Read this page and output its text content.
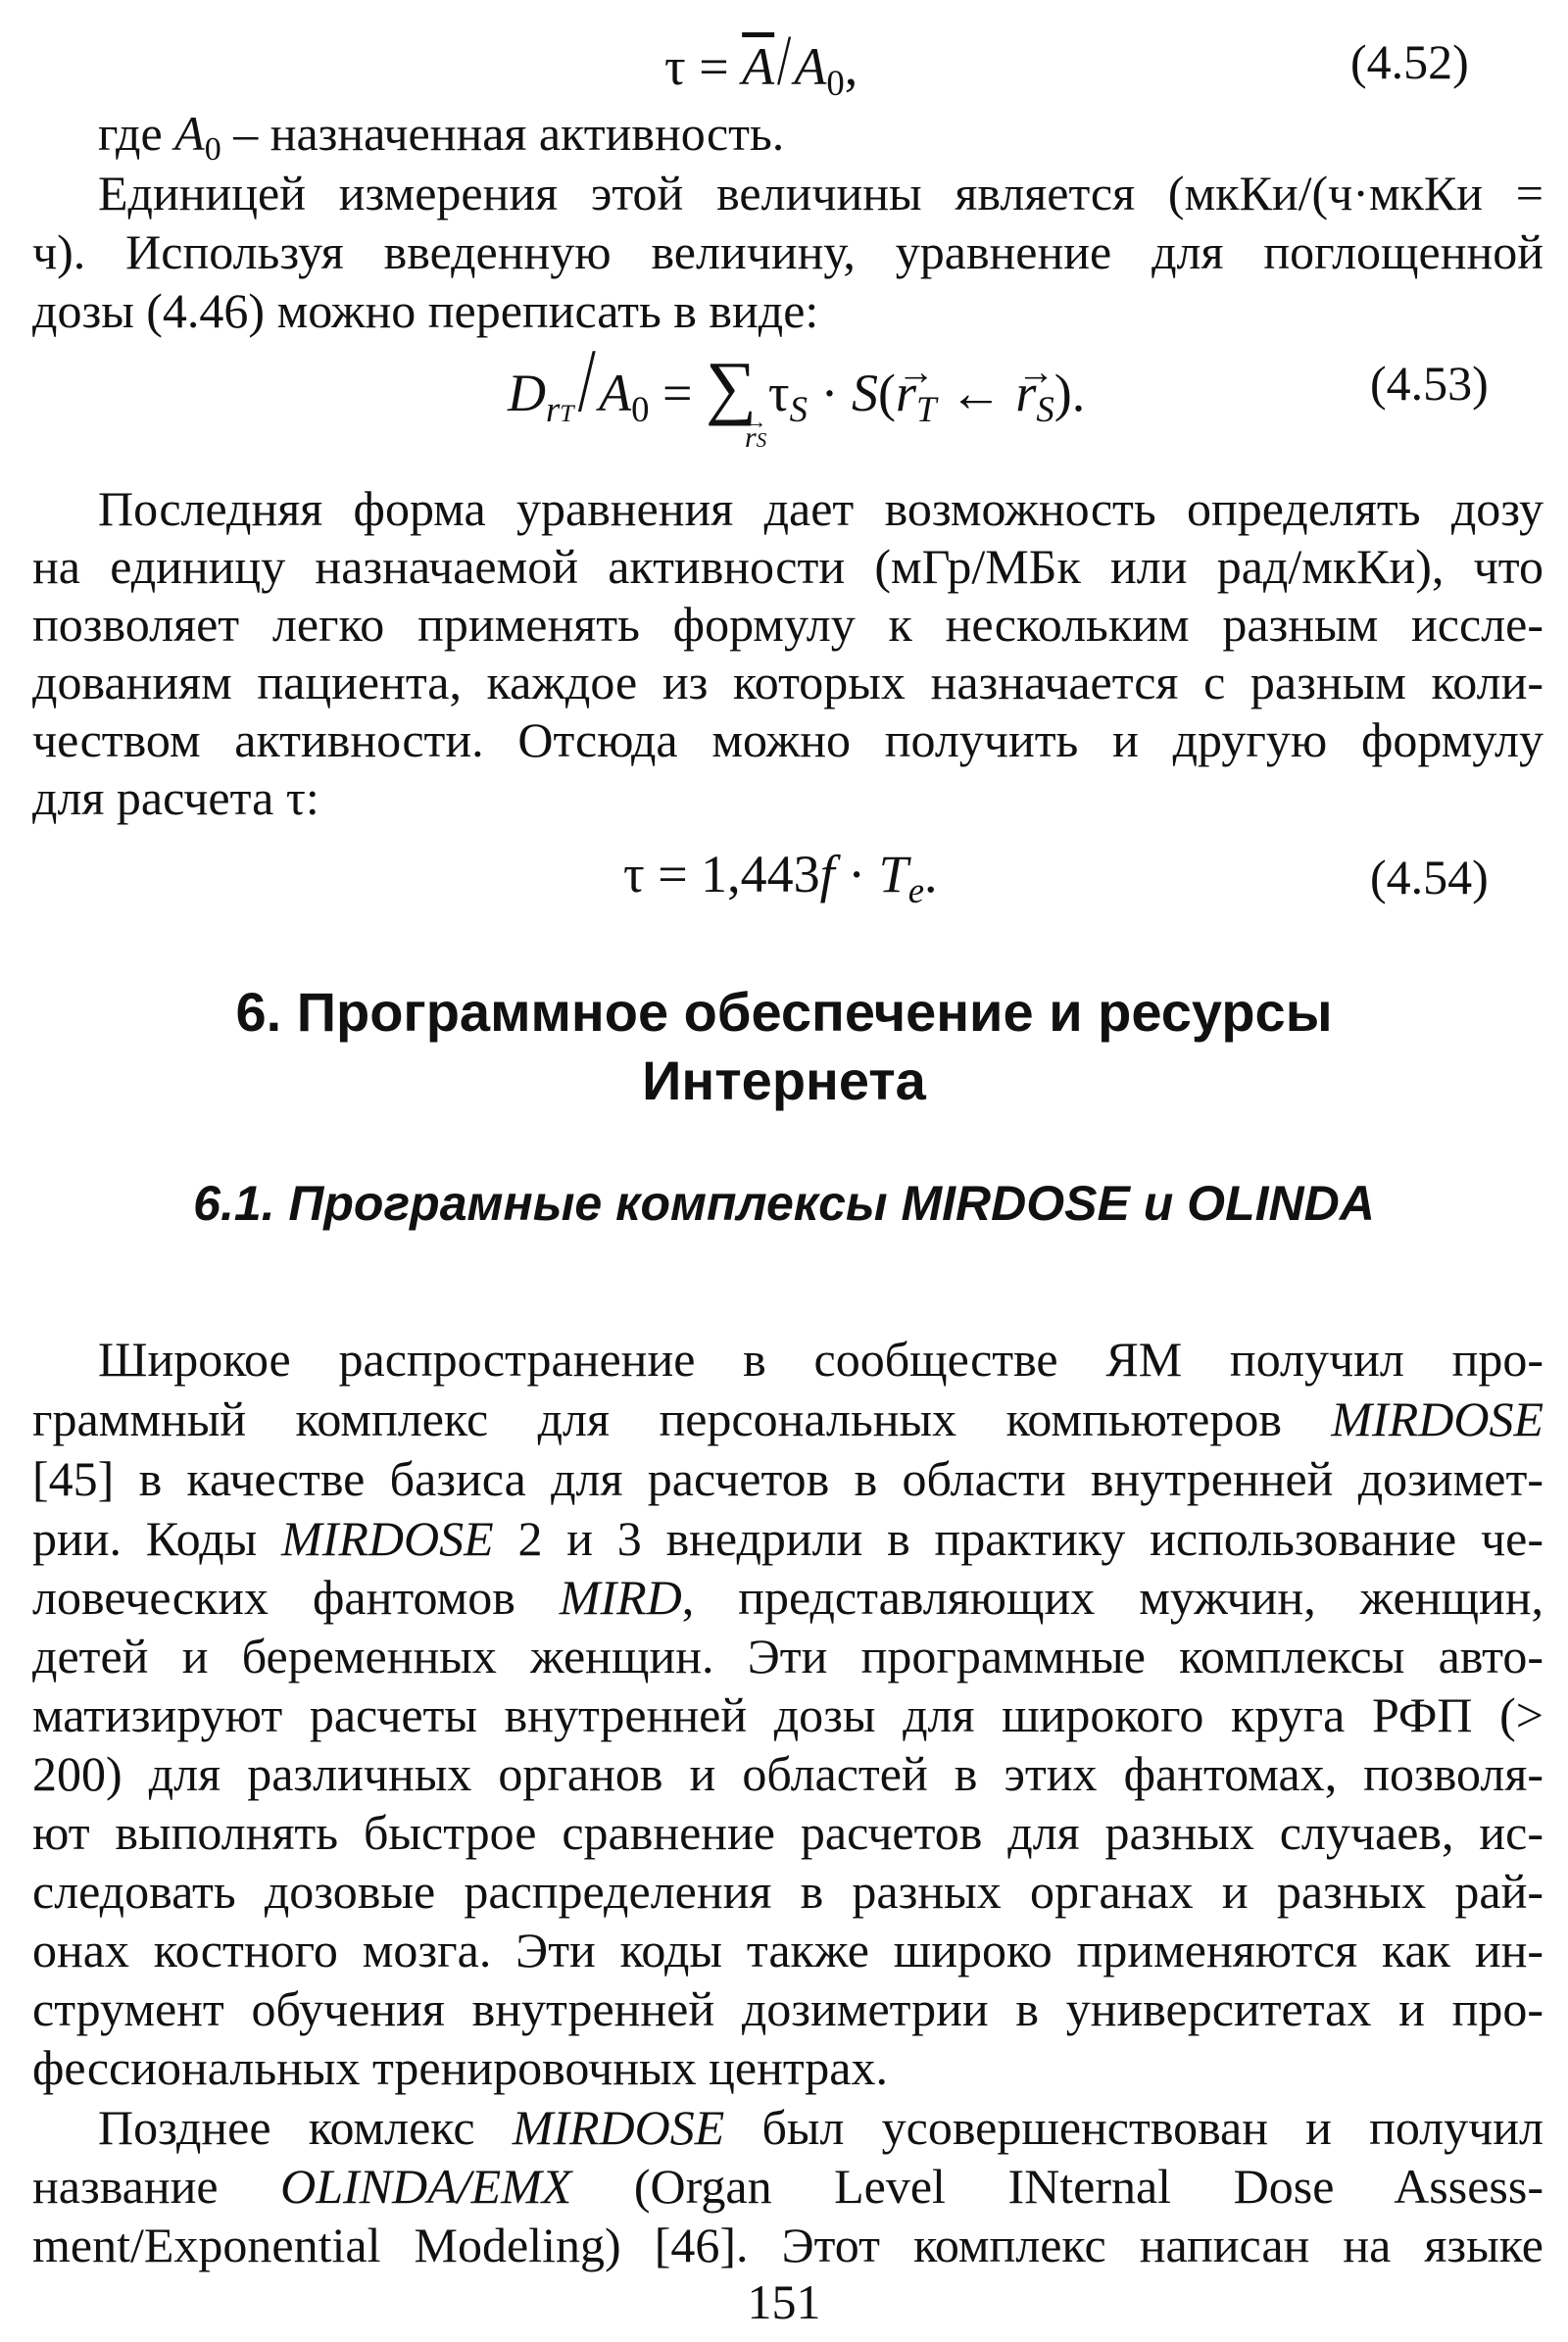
$\tau = \overline{A}/A_0$,	(4.52)
где $A_0$ – назначенная активность.
Единицей измерения этой величины является (мкКи/(ч·мкКи =
ч). Используя введенную величину, уравнение для поглощенной
дозы (4.46) можно переписать в виде:
$D_{rT}/A_0$ = ∑ $\tau_S \cdot S(\to r_T$ ← → $r_S$).
→ rS
(4.53)
Последняя форма уравнения дает возможность определять дозу
на единицу назначаемой активности (мГр/МБк или рад/мкКи), что
позволяет легко применять формулу к нескольким разным иссле-
дованиям пациента, каждое из которых назначается с разным коли-
чеством активности. Отсюда можно получить и другую формулу
для расчета τ:
$\tau = 1,443f \cdot T_e$.	(4.54)
6. Программное обеспечение и ресурсы
Интернета
6.1. Програмные комплексы MIRDOSE и OLINDA
Широкое распространение в сообществе ЯМ получил про-
граммный комплекс для персональных компьютеров MIRDOSE
[45] в качестве базиса для расчетов в области внутренней дозимет-
рии. Коды MIRDOSE 2 и 3 внедрили в практику использование че-
ловеческих фантомов MIRD, представляющих мужчин, женщин,
детей и беременных женщин. Эти программные комплексы авто-
матизируют расчеты внутренней дозы для широкого круга РФП (>
200) для различных органов и областей в этих фантомах, позволя-
ют выполнять быстрое сравнение расчетов для разных случаев, ис-
следовать дозовые распределения в разных органах и разных рай-
онах костного мозга. Эти коды также широко применяются как ин-
струмент обучения внутренней дозиметрии в университетах и про-
фессиональных тренировочных центрах.
Позднее комлекс MIRDOSE был усовершенствован и получил
название OLINDA/EMX (Organ Level INternal Dose Assess-
ment/Exponential Modeling) [46]. Этот комплекс написан на языке
151
